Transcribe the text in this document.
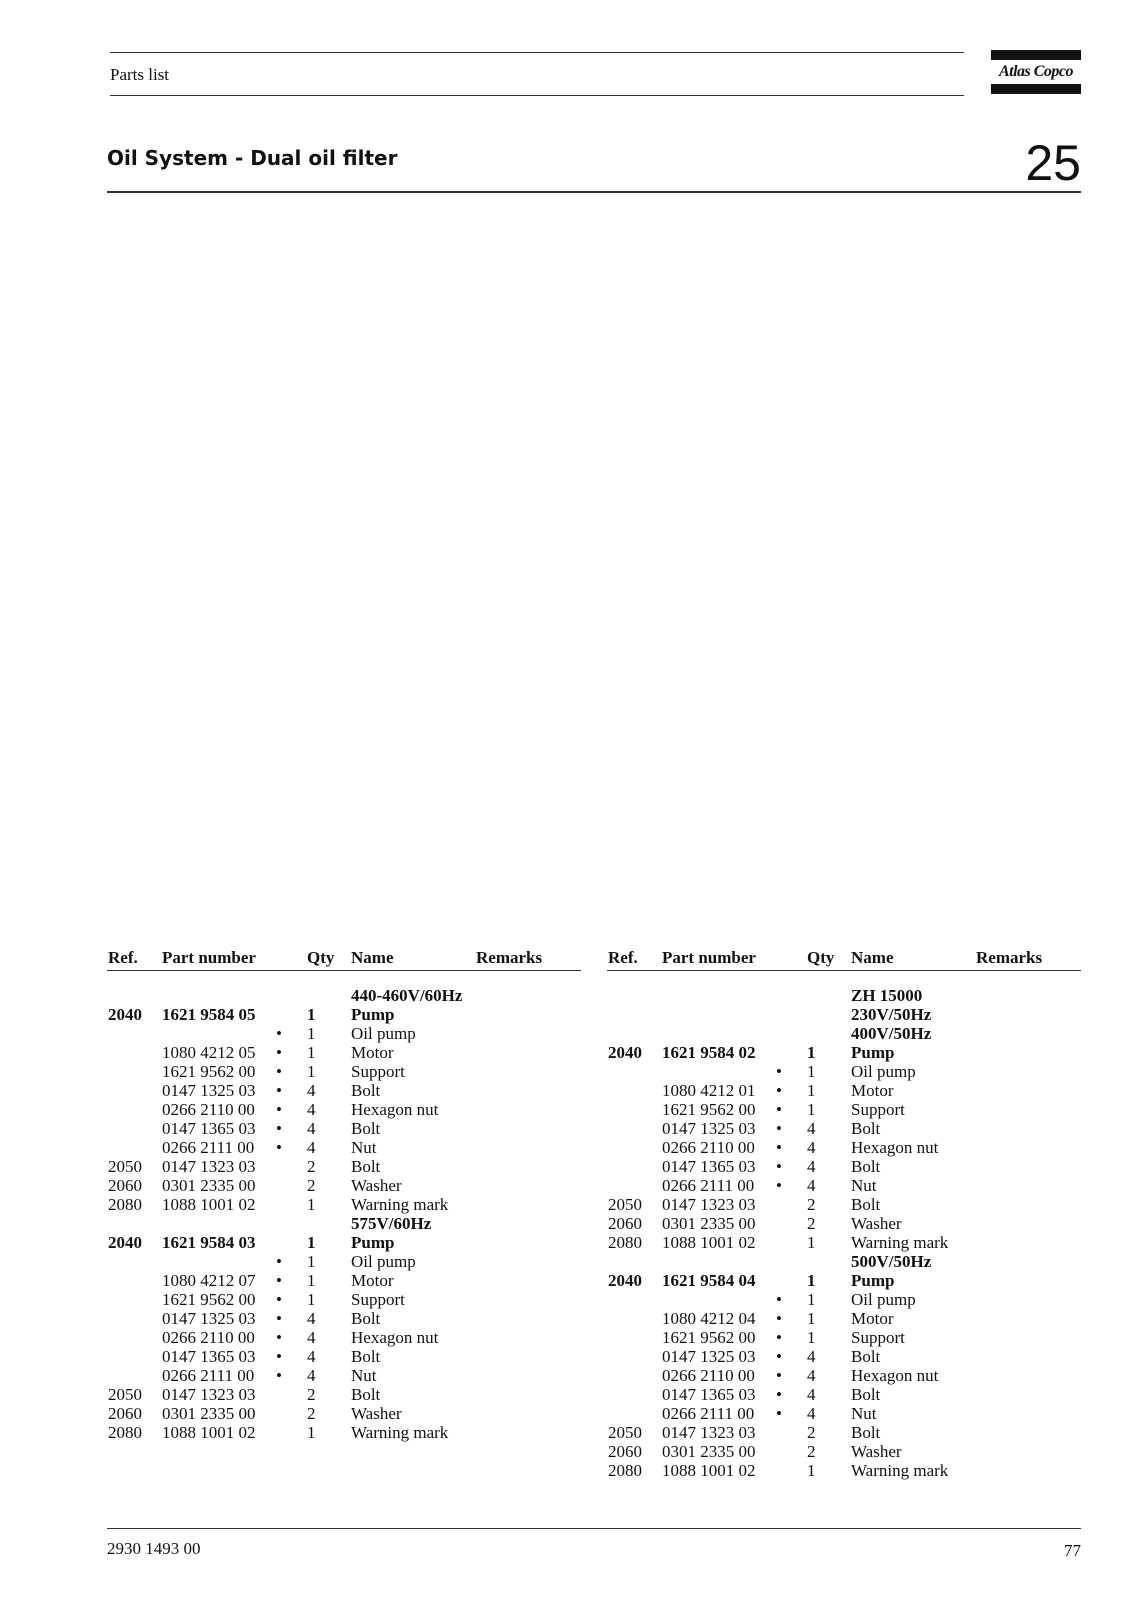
Parts list	Atlas Copco
Oil System - Dual oil filter	25
Ref. Part number	Qty Name	Remarks	Ref. Part number	Qty Name	Remarks
440-460V/60Hz
2040 1621 9584 05	1 Pump
• 1 Oil pump
1080 4212 05 • 1 Motor
1621 9562 00 • 1 Support
0147 1325 03 • 4 Bolt
0266 2110 00 • 4 Hexagon nut
0147 1365 03 • 4 Bolt
0266 2111 00 • 4 Nut
2050 0147 1323 03	2 Bolt
2060 0301 2335 00	2 Washer
2080 1088 1001 02	1 Warning mark
575V/60Hz
2040 1621 9584 03	1 Pump
• 1 Oil pump
1080 4212 07 • 1 Motor
1621 9562 00 • 1 Support
0147 1325 03 • 4 Bolt
0266 2110 00 • 4 Hexagon nut
0147 1365 03 • 4 Bolt
0266 2111 00 • 4 Nut
2050 0147 1323 03	2 Bolt
2060 0301 2335 00	2 Washer
2080 1088 1001 02	1 Warning mark
ZH 15000
230V/50Hz
400V/50Hz
2040 1621 9584 02	1 Pump
• 1 Oil pump
1080 4212 01 • 1 Motor
1621 9562 00 • 1 Support
0147 1325 03 • 4 Bolt
0266 2110 00 • 4 Hexagon nut
0147 1365 03 • 4 Bolt
0266 2111 00 • 4 Nut
2050 0147 1323 03	2 Bolt
2060 0301 2335 00	2 Washer
2080 1088 1001 02	1 Warning mark
500V/50Hz
2040 1621 9584 04	1 Pump
• 1 Oil pump
1080 4212 04 • 1 Motor
1621 9562 00 • 1 Support
0147 1325 03 • 4 Bolt
0266 2110 00 • 4 Hexagon nut
0147 1365 03 • 4 Bolt
0266 2111 00 • 4 Nut
2050 0147 1323 03	2 Bolt
2060 0301 2335 00	2 Washer
2080 1088 1001 02	1 Warning mark
2930 1493 00	77
